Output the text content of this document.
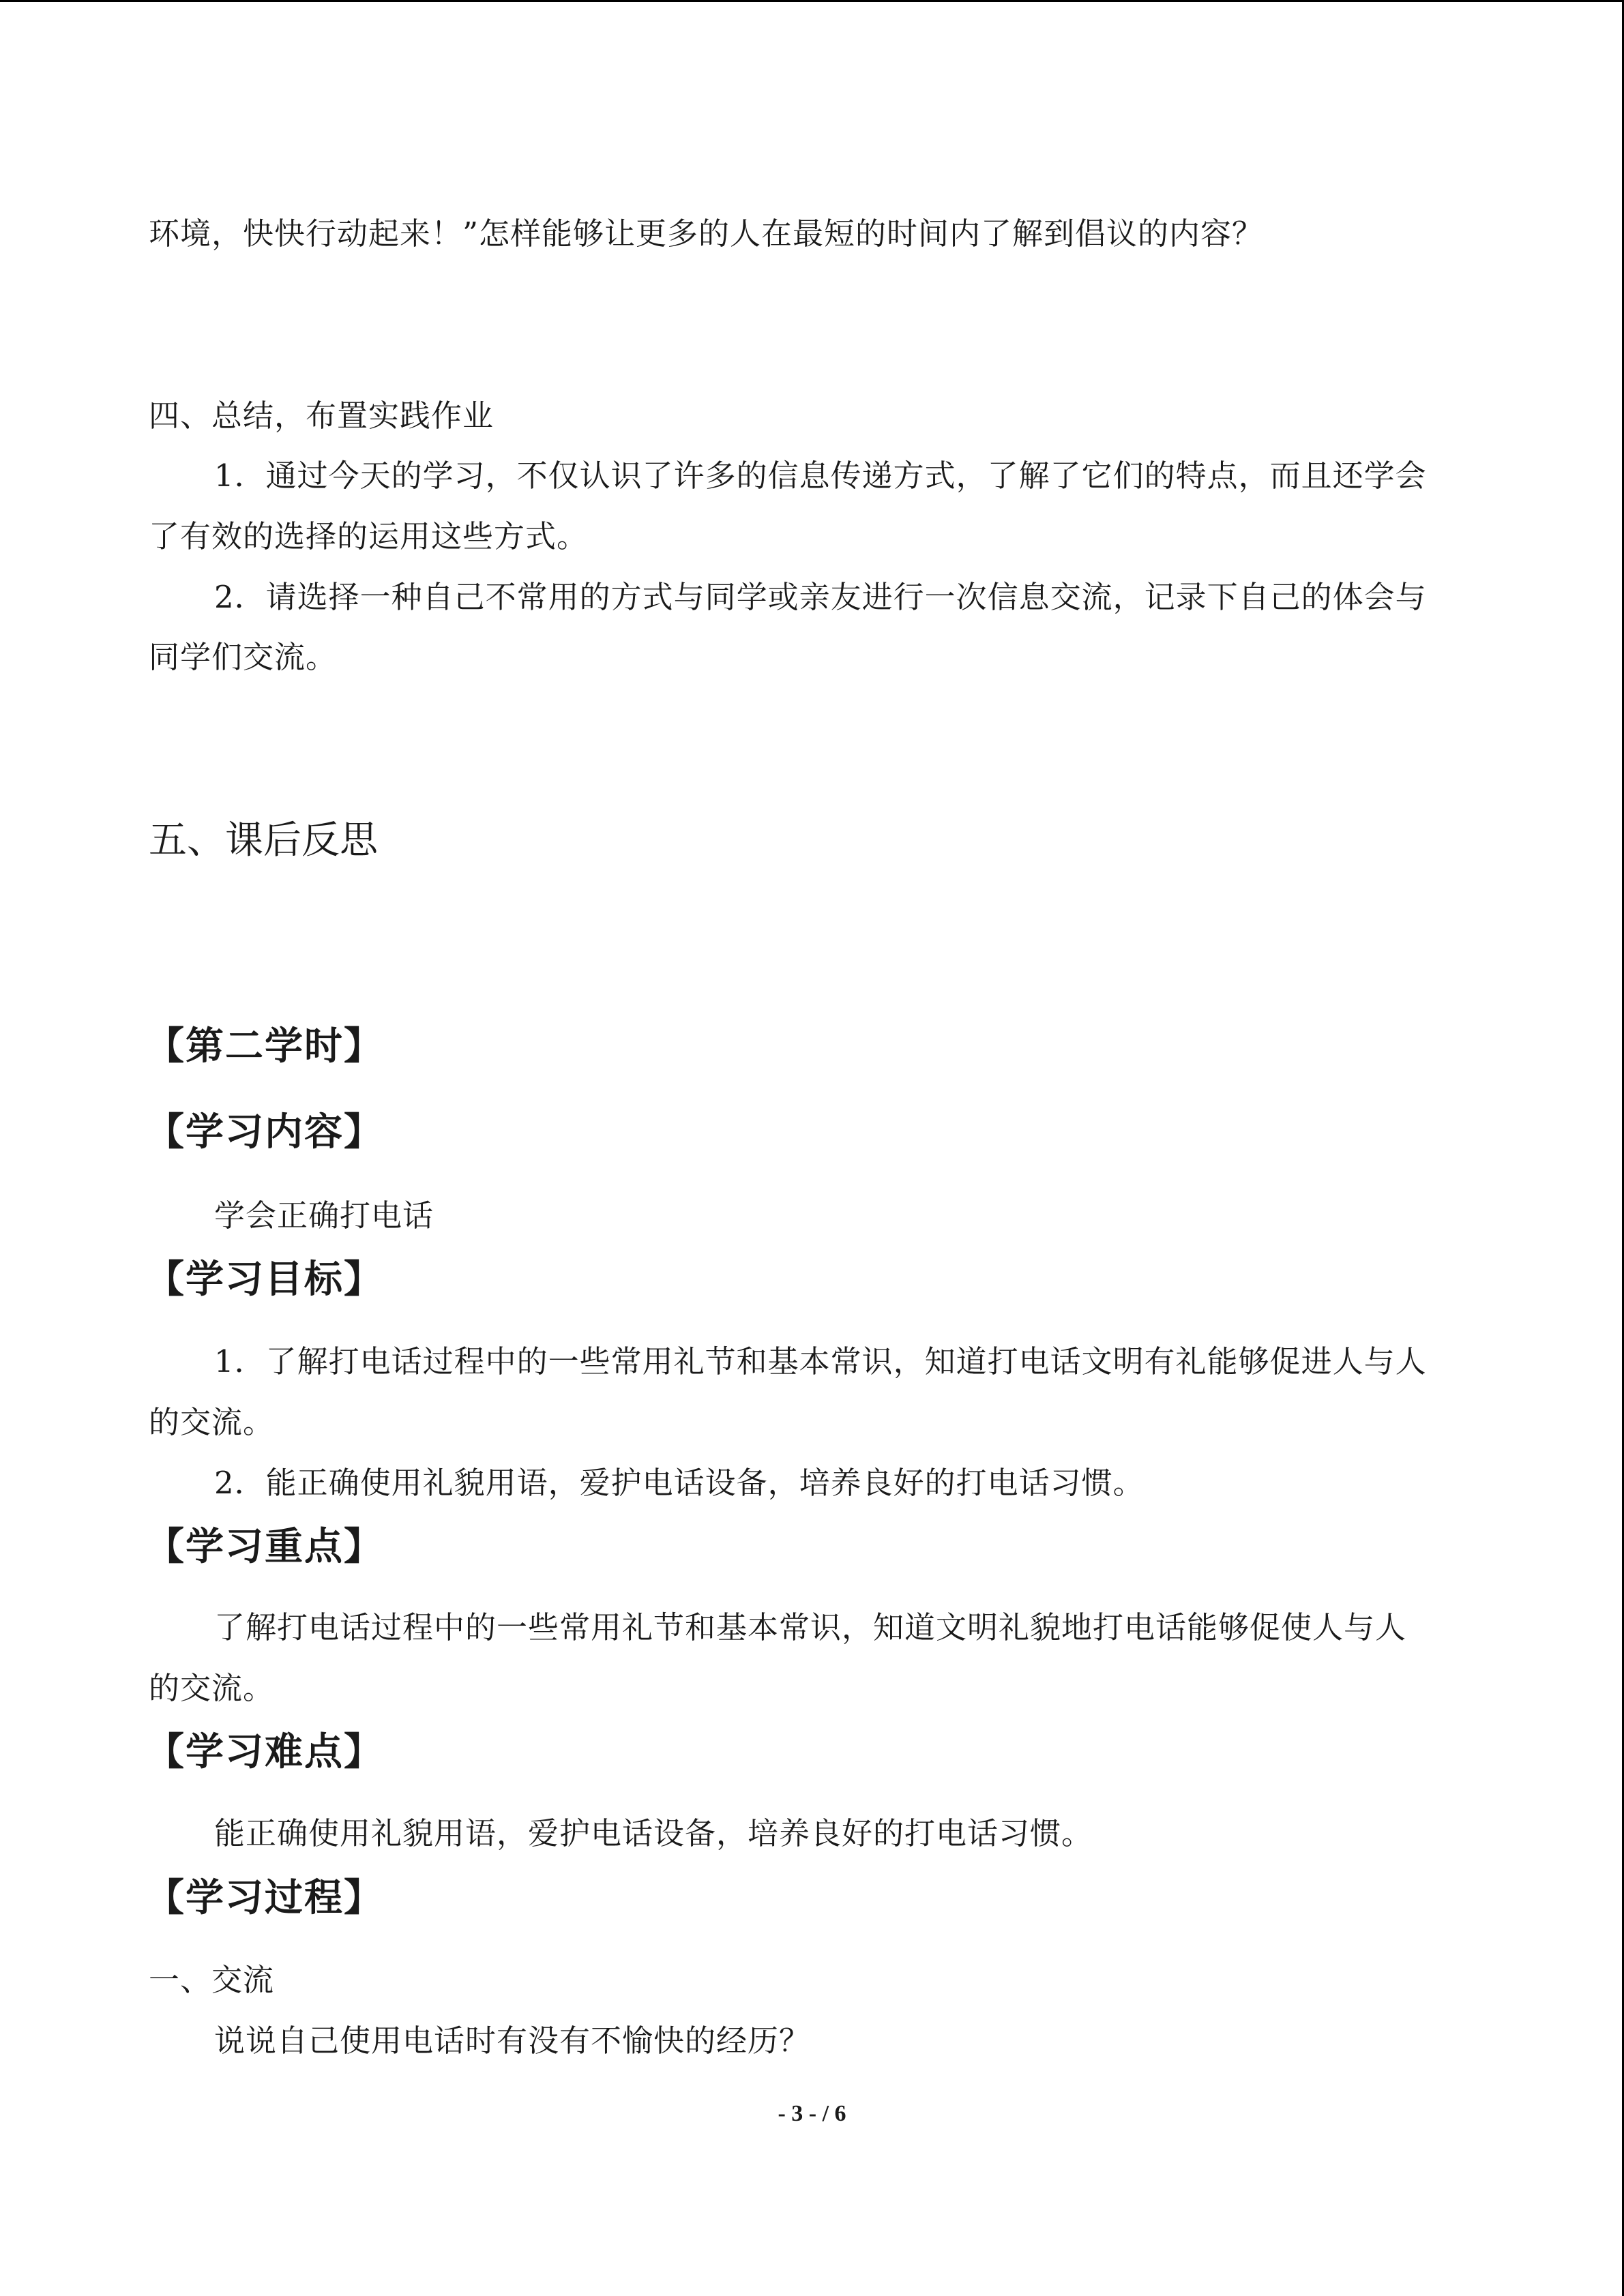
环境，快快行动起来！”怎样能够让更多的人在最短的时间内了解到倡议的内容？
四、总结，布置实践作业
1．通过今天的学习，不仅认识了许多的信息传递方式，了解了它们的特点，而且还学会
了有效的选择的运用这些方式。
2．请选择一种自己不常用的方式与同学或亲友进行一次信息交流，记录下自己的体会与
同学们交流。
五、课后反思
【第二学时】
【学习内容】
学会正确打电话
【学习目标】
1．了解打电话过程中的一些常用礼节和基本常识，知道打电话文明有礼能够促进人与人
的交流。
2．能正确使用礼貌用语，爱护电话设备，培养良好的打电话习惯。
【学习重点】
了解打电话过程中的一些常用礼节和基本常识，知道文明礼貌地打电话能够促使人与人
的交流。
【学习难点】
能正确使用礼貌用语，爱护电话设备，培养良好的打电话习惯。
【学习过程】
一、交流
说说自己使用电话时有没有不愉快的经历？
- 3 - / 6
